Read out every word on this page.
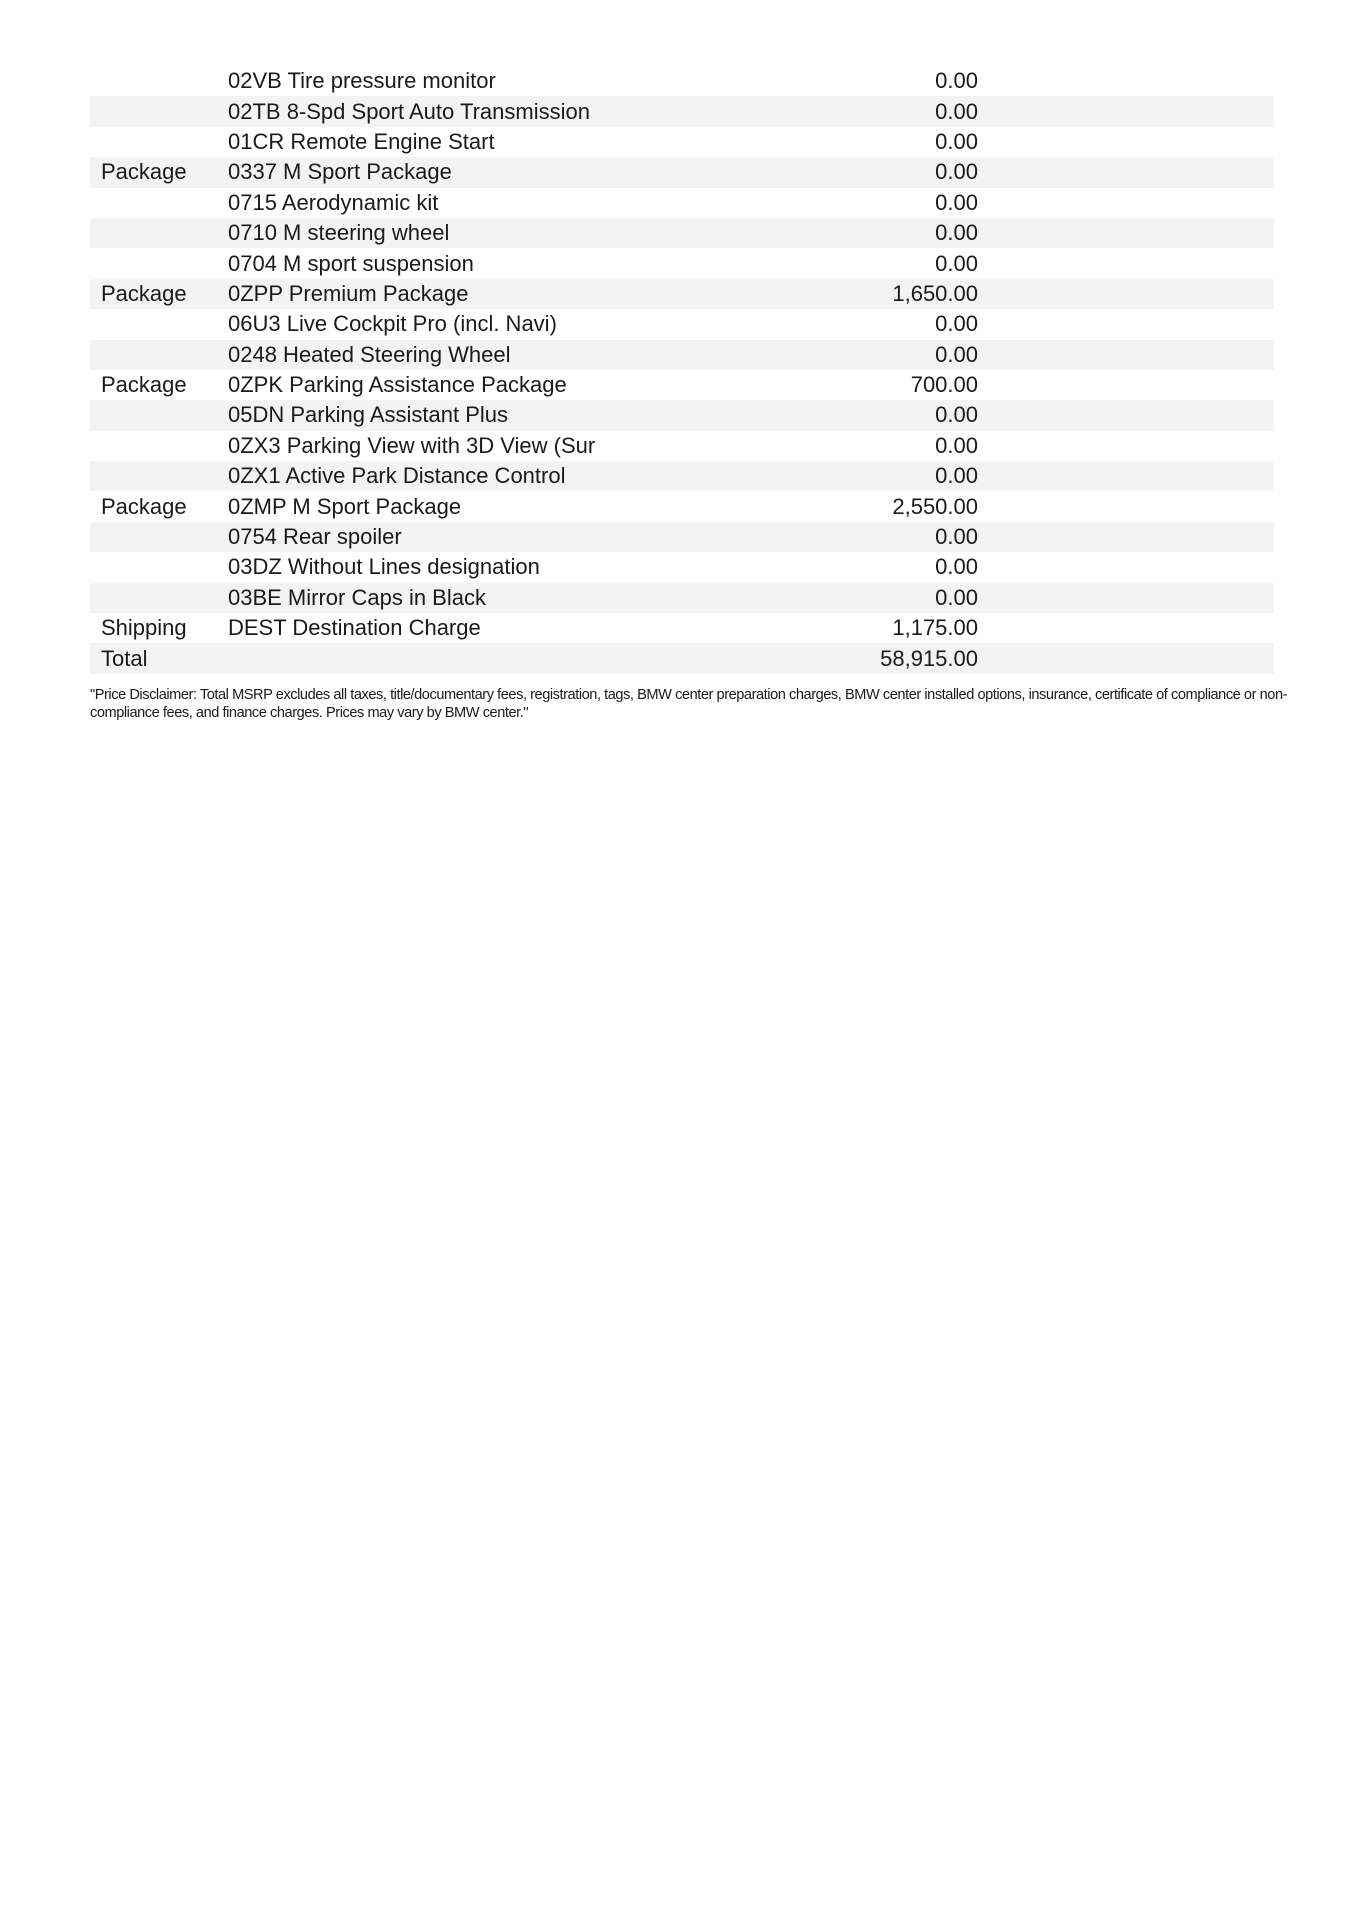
	02VB Tire pressure monitor	0.00	
	02TB 8-Spd Sport Auto Transmission	0.00	
	01CR Remote Engine Start	0.00	
Package	0337 M Sport Package	0.00	
	0715 Aerodynamic kit	0.00	
	0710 M steering wheel	0.00	
	0704 M sport suspension	0.00	
Package	0ZPP Premium Package	1,650.00	
	06U3 Live Cockpit Pro (incl. Navi)	0.00	
	0248 Heated Steering Wheel	0.00	
Package	0ZPK Parking Assistance Package	700.00	
	05DN Parking Assistant Plus	0.00	
	0ZX3 Parking View with 3D View (Sur	0.00	
	0ZX1 Active Park Distance Control	0.00	
Package	0ZMP M Sport Package	2,550.00	
	0754 Rear spoiler	0.00	
	03DZ Without Lines designation	0.00	
	03BE Mirror Caps in Black	0.00	
Shipping	DEST Destination Charge	1,175.00	
Total		58,915.00	

"Price Disclaimer: Total MSRP excludes all taxes, title/documentary fees, registration, tags, BMW center preparation charges, BMW center installed options, insurance, certificate of compliance or non-compliance fees, and finance charges. Prices may vary by BMW center."
